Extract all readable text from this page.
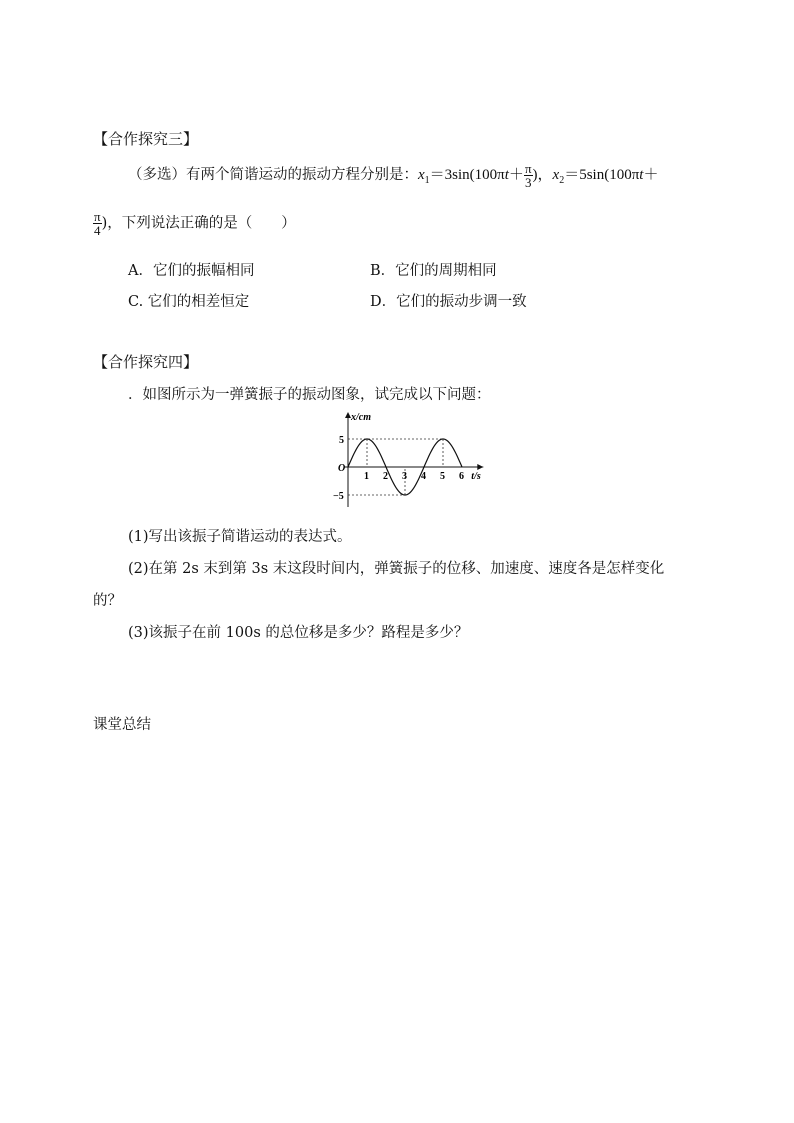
【合作探究三】
（多选）有两个简谐运动的振动方程分别是：$x_1=3\sin(100\pi t+ \frac{\pi}{3}$ )，$x_2=5\sin(100\pi t+$
$\frac{\pi}{4}$ )，下列说法正确的是（　　）
A．它们的振幅相同	B．它们的周期相同
C. 它们的相差恒定	D．它们的振动步调一致
【合作探究四】
．如图所示为一弹簧振子的振动图象，试完成以下问题：
x/cm
t/s
O
5
−5
1 2 3 4 5 6
(1)写出该振子简谐运动的表达式。
(2)在第 2s 末到第 3s 末这段时间内，弹簧振子的位移、加速度、速度各是怎样变化
的？
(3)该振子在前 100s 的总位移是多少？路程是多少？
课堂总结
